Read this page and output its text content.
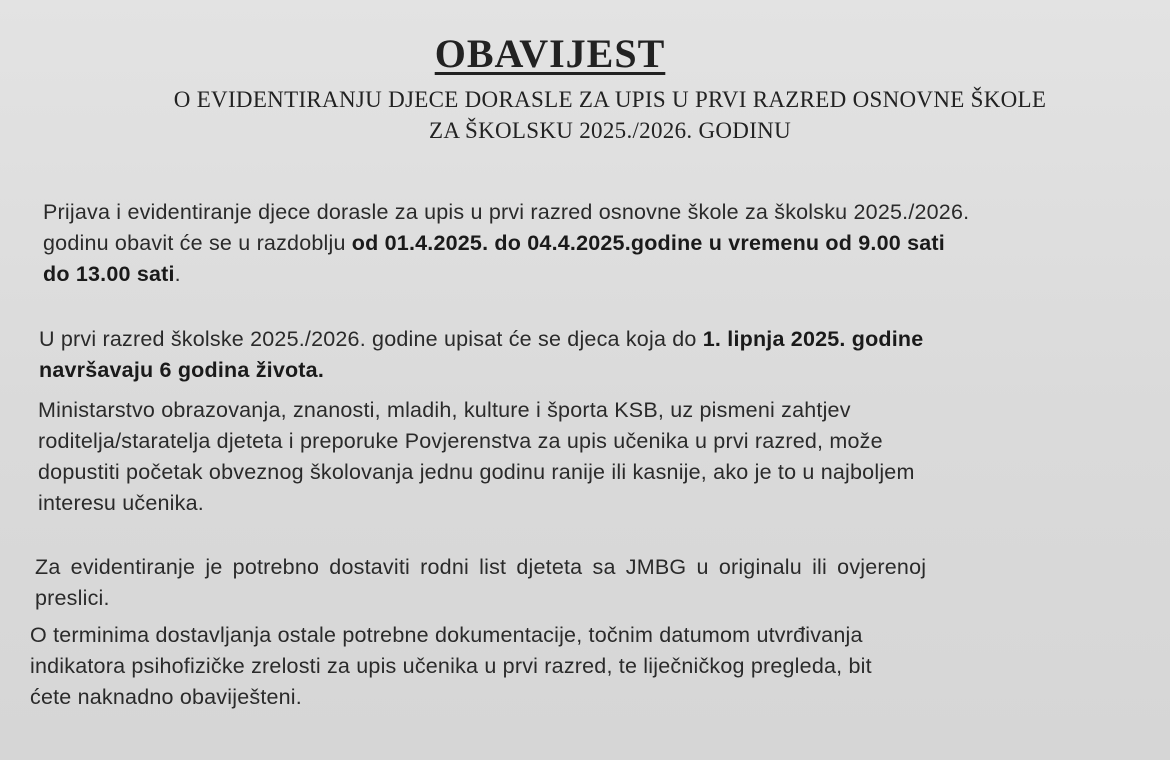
OBAVIJEST
O EVIDENTIRANJU DJECE DORASLE ZA UPIS U PRVI RAZRED OSNOVNE ŠKOLE
ZA ŠKOLSKU 2025./2026. GODINU

Prijava i evidentiranje djece dorasle za upis u prvi razred osnovne škole za školsku 2025./2026.
godinu obavit će se u razdoblju od 01.4.2025. do 04.4.2025.godine u vremenu od 9.00 sati
do 13.00 sati.

U prvi razred školske 2025./2026. godine upisat će se djeca koja do 1. lipnja 2025. godine
navršavaju 6 godina života.

Ministarstvo obrazovanja, znanosti, mladih, kulture i športa KSB, uz pismeni zahtjev
roditelja/staratelja djeteta i preporuke Povjerenstva za upis učenika u prvi razred, može
dopustiti početak obveznog školovanja jednu godinu ranije ili kasnije, ako je to u najboljem
interesu učenika.

Za evidentiranje je potrebno dostaviti rodni list djeteta sa JMBG u originalu ili ovjerenoj
preslici.

O terminima dostavljanja ostale potrebne dokumentacije, točnim datumom utvrđivanja
indikatora psihofizičke zrelosti za upis učenika u prvi razred, te liječničkog pregleda, bit
ćete naknadno obaviješteni.
